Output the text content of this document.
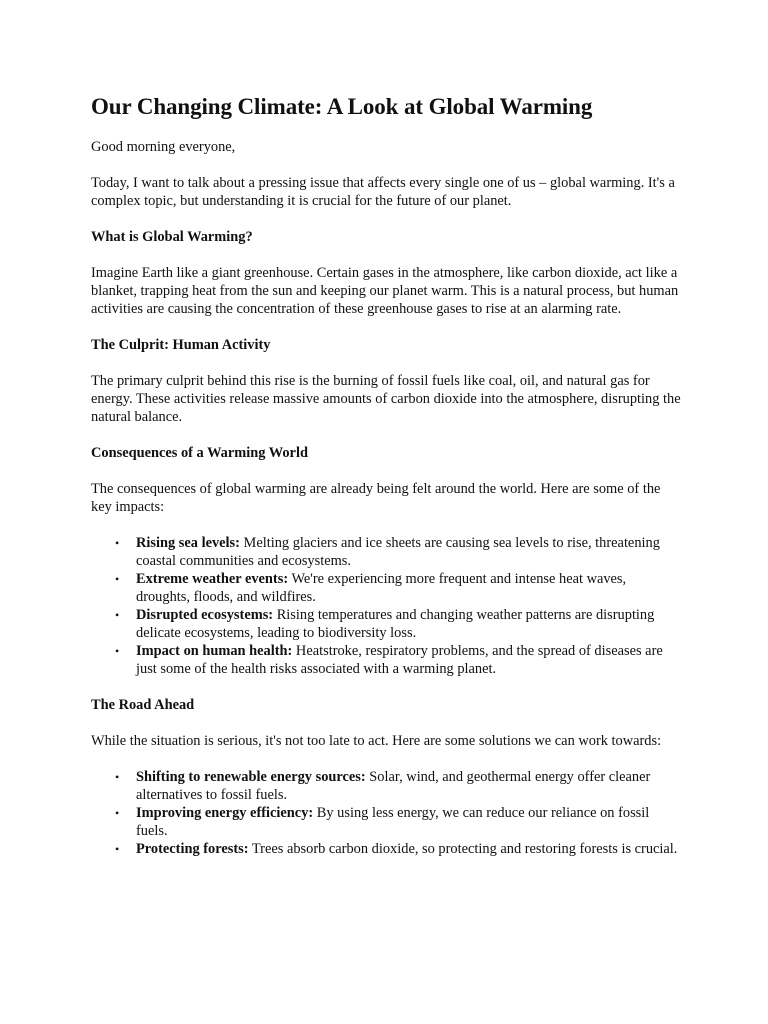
Our Changing Climate: A Look at Global Warming

Good morning everyone,

Today, I want to talk about a pressing issue that affects every single one of us – global warming. It's a complex topic, but understanding it is crucial for the future of our planet.

What is Global Warming?

Imagine Earth like a giant greenhouse. Certain gases in the atmosphere, like carbon dioxide, act like a blanket, trapping heat from the sun and keeping our planet warm. This is a natural process, but human activities are causing the concentration of these greenhouse gases to rise at an alarming rate.

The Culprit: Human Activity

The primary culprit behind this rise is the burning of fossil fuels like coal, oil, and natural gas for energy. These activities release massive amounts of carbon dioxide into the atmosphere, disrupting the natural balance.

Consequences of a Warming World

The consequences of global warming are already being felt around the world. Here are some of the key impacts:

• Rising sea levels: Melting glaciers and ice sheets are causing sea levels to rise, threatening coastal communities and ecosystems.
• Extreme weather events: We're experiencing more frequent and intense heat waves, droughts, floods, and wildfires.
• Disrupted ecosystems: Rising temperatures and changing weather patterns are disrupting delicate ecosystems, leading to biodiversity loss.
• Impact on human health: Heatstroke, respiratory problems, and the spread of diseases are just some of the health risks associated with a warming planet.
The Road Ahead

While the situation is serious, it's not too late to act. Here are some solutions we can work towards:

• Shifting to renewable energy sources: Solar, wind, and geothermal energy offer cleaner alternatives to fossil fuels.
• Improving energy efficiency: By using less energy, we can reduce our reliance on fossil fuels.
• Protecting forests: Trees absorb carbon dioxide, so protecting and restoring forests is crucial.
